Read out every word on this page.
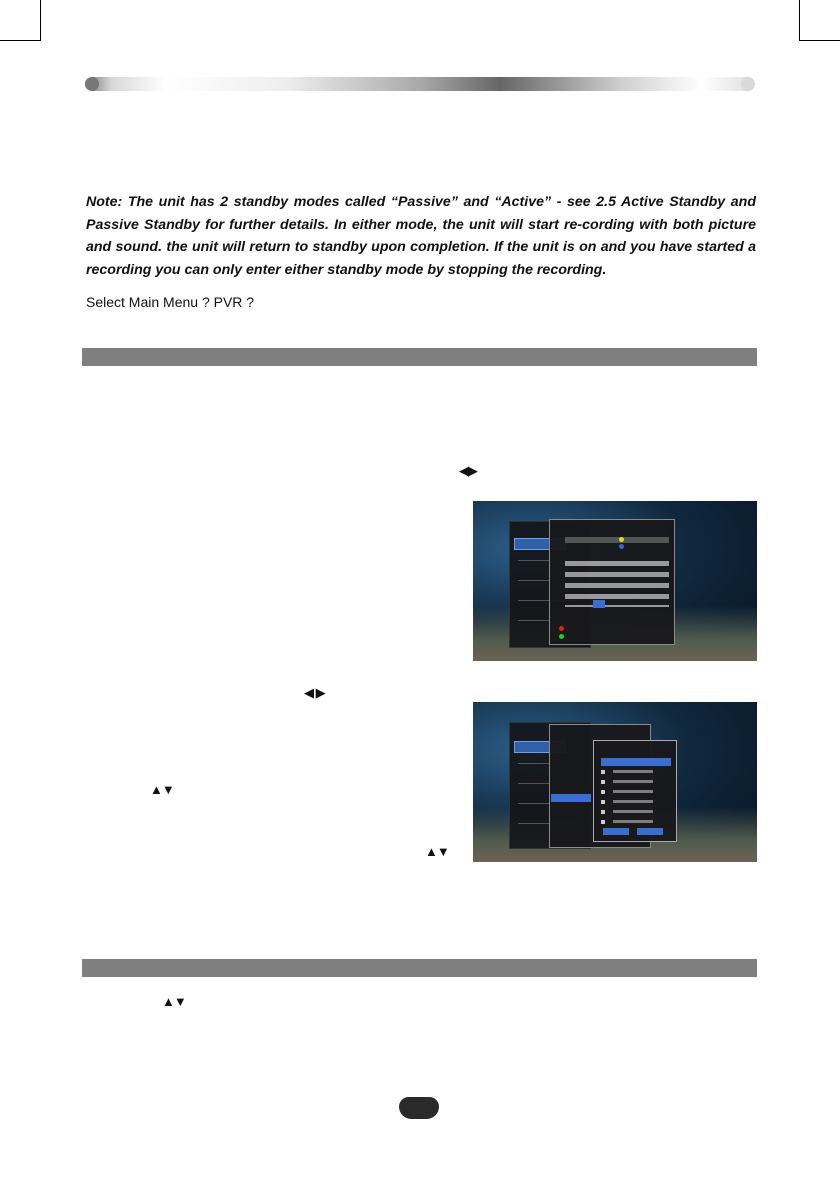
Note: The unit has 2 standby modes called “Passive” and “Active” - see 2.5 Active Standby and Passive Standby for further details. In either mode, the unit will start re-cording with both picture and sound. the unit will return to standby upon completion. If the unit is on and you have started a recording you can only enter either standby mode by stopping the recording.

Select Main Menu ? PVR ?
◀▶
◀ ▶
▲▼
▲▼
▲▼
